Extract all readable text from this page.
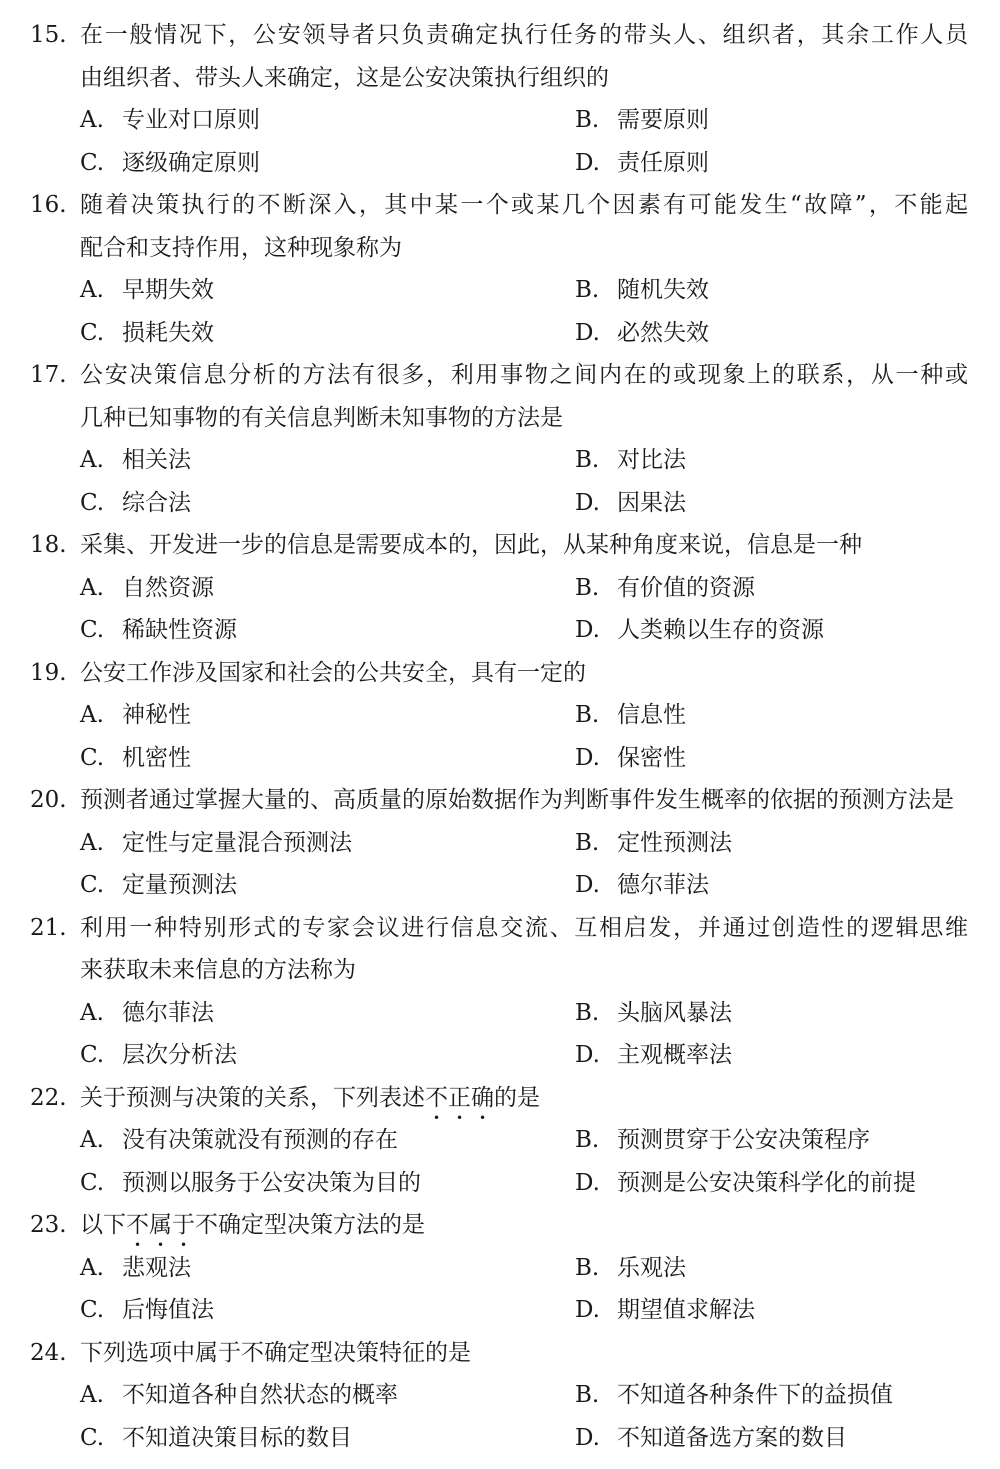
15. 在一般情况下，公安领导者只负责确定执行任务的带头人、组织者，其余工作人员
由组织者、带头人来确定，这是公安决策执行组织的
A. 专业对口原则	B. 需要原则
C. 逐级确定原则	D. 责任原则
16. 随着决策执行的不断深入，其中某一个或某几个因素有可能发生“故障”，不能起
配合和支持作用，这种现象称为
A. 早期失效	B. 随机失效
C. 损耗失效	D. 必然失效
17. 公安决策信息分析的方法有很多，利用事物之间内在的或现象上的联系，从一种或
几种已知事物的有关信息判断未知事物的方法是
A. 相关法	B. 对比法
C. 综合法	D. 因果法
18. 采集、开发进一步的信息是需要成本的，因此，从某种角度来说，信息是一种
A. 自然资源	B. 有价值的资源
C. 稀缺性资源	D. 人类赖以生存的资源
19. 公安工作涉及国家和社会的公共安全，具有一定的
A. 神秘性	B. 信息性
C. 机密性	D. 保密性
20. 预测者通过掌握大量的、高质量的原始数据作为判断事件发生概率的依据的预测方法是
A. 定性与定量混合预测法	B. 定性预测法
C. 定量预测法	D. 德尔菲法
21. 利用一种特别形式的专家会议进行信息交流、互相启发，并通过创造性的逻辑思维
来获取未来信息的方法称为
A. 德尔菲法	B. 头脑风暴法
C. 层次分析法	D. 主观概率法
22. 关于预测与决策的关系，下列表述不正确的是
A. 没有决策就没有预测的存在	B. 预测贯穿于公安决策程序
C. 预测以服务于公安决策为目的	D. 预测是公安决策科学化的前提
23. 以下不属于不确定型决策方法的是
A. 悲观法	B. 乐观法
C. 后悔值法	D. 期望值求解法
24. 下列选项中属于不确定型决策特征的是
A. 不知道各种自然状态的概率	B. 不知道各种条件下的益损值
C. 不知道决策目标的数目	D. 不知道备选方案的数目
